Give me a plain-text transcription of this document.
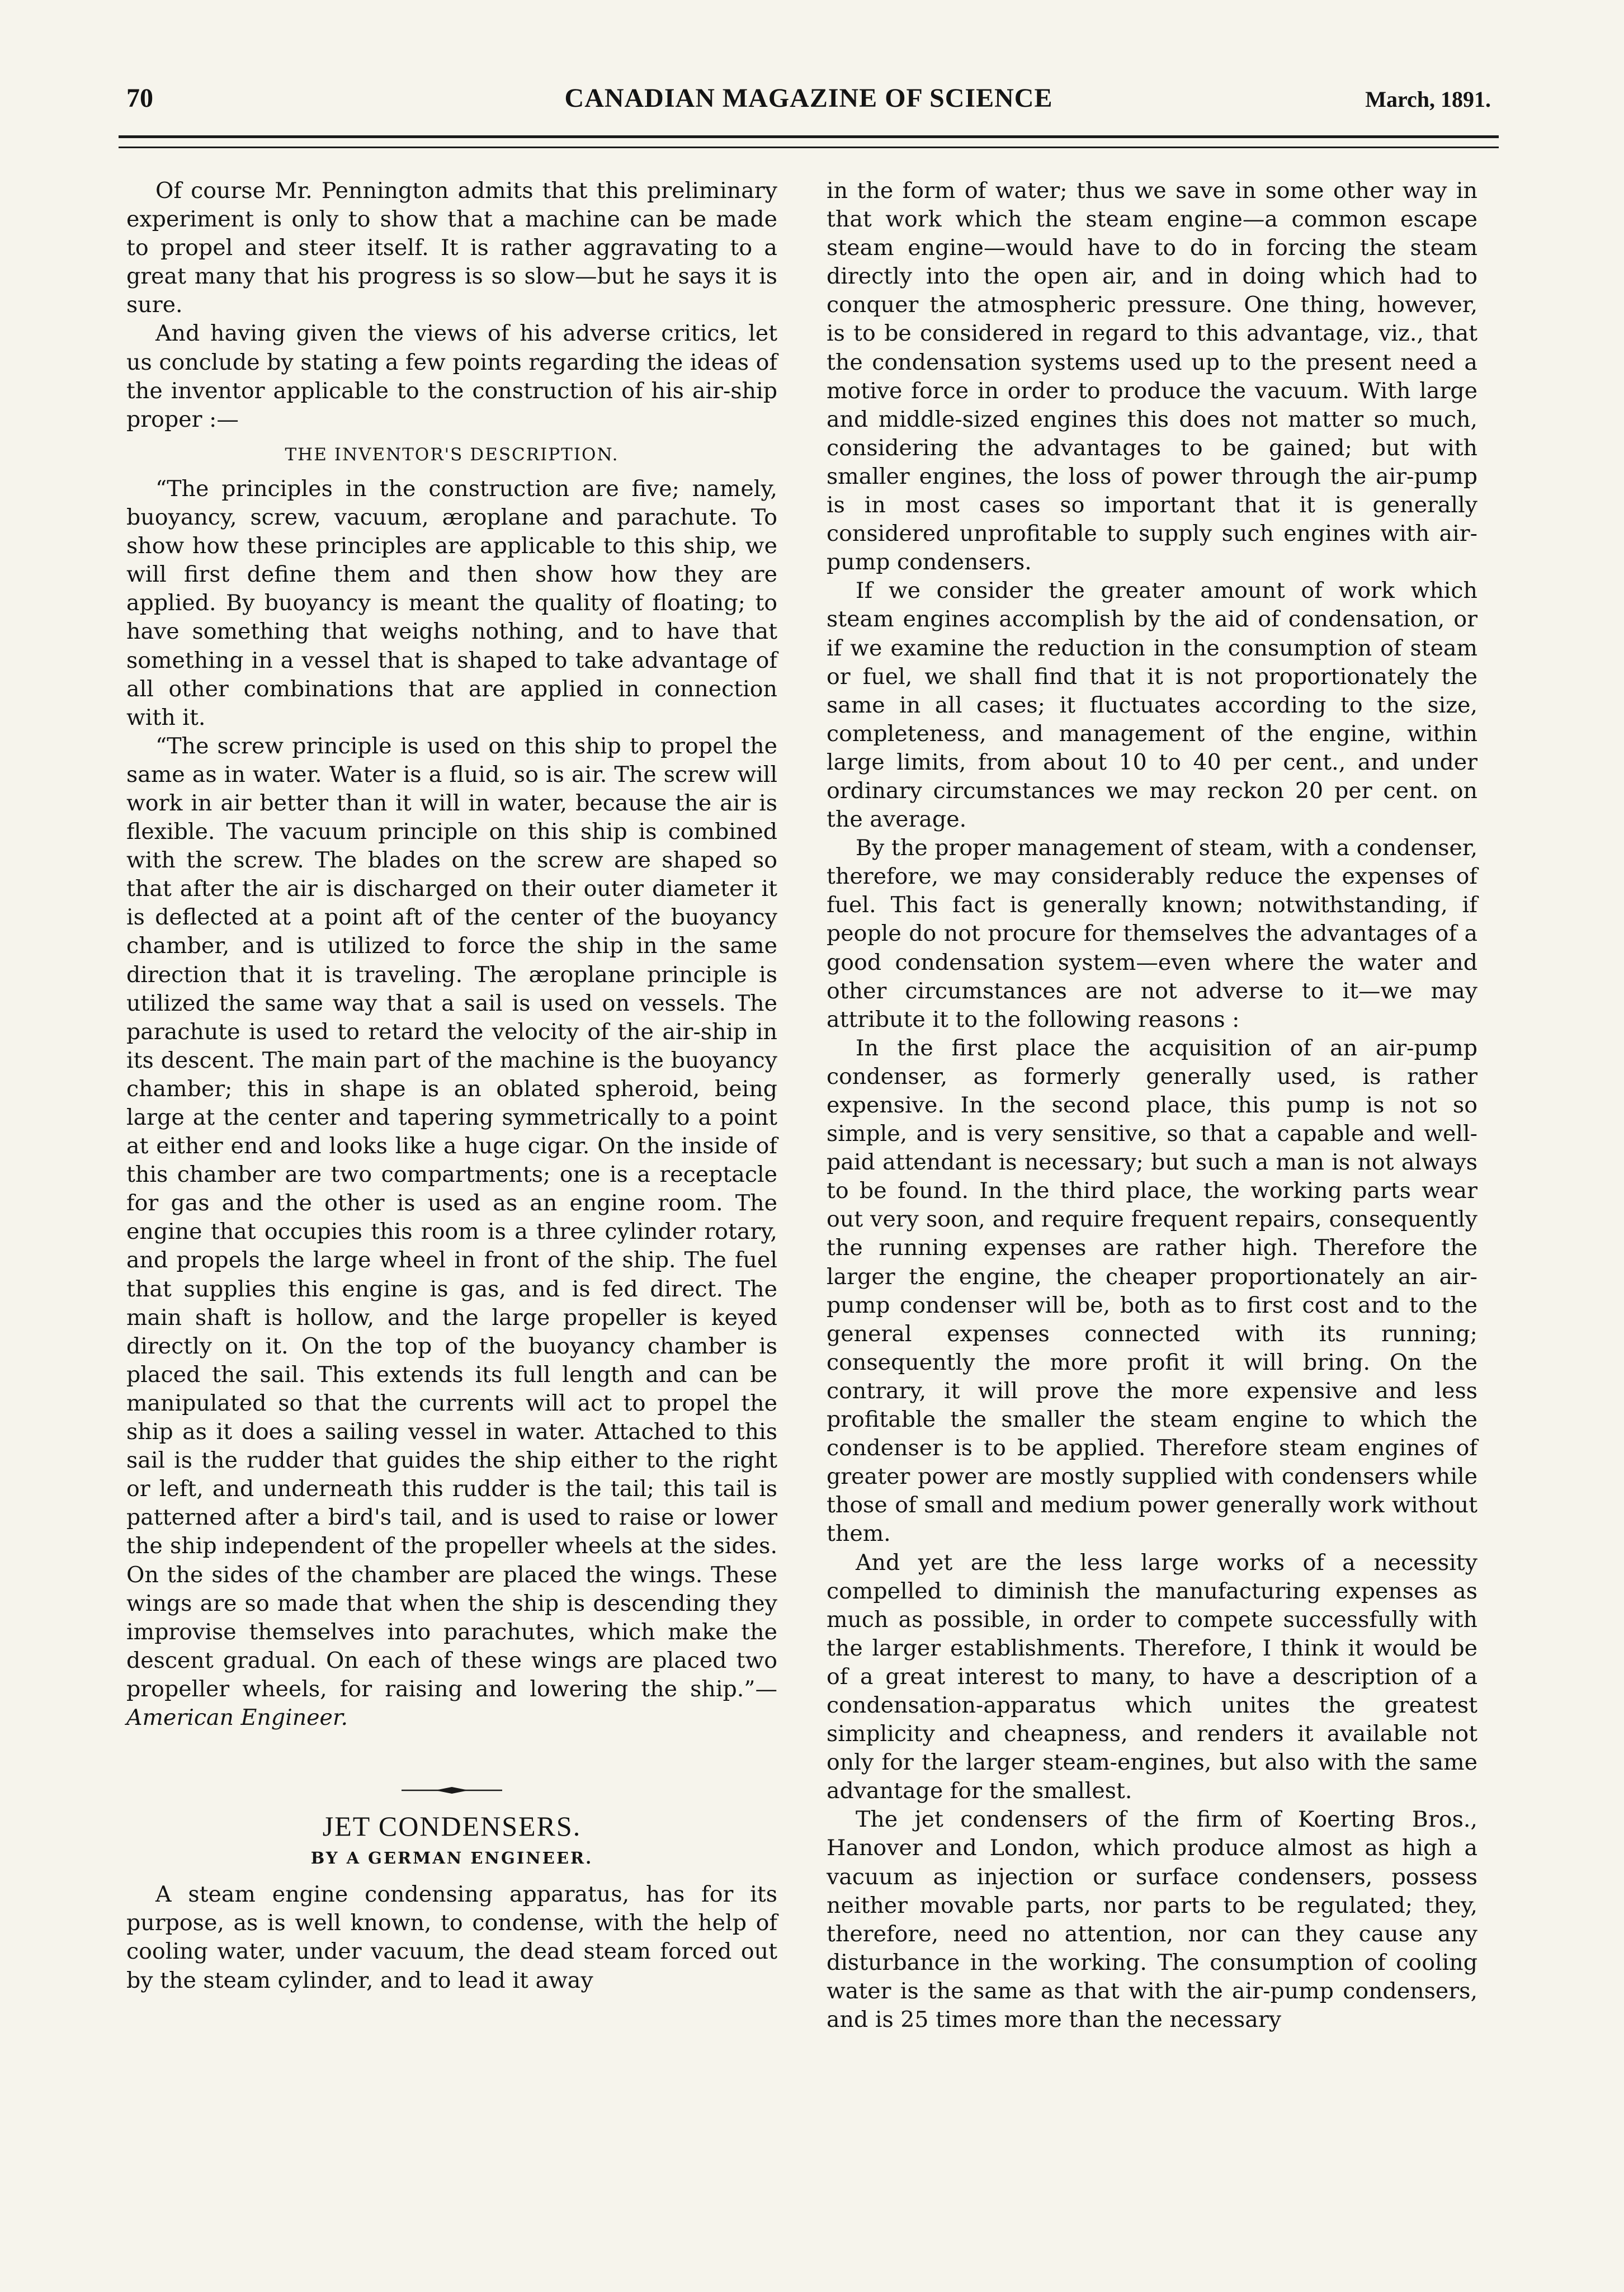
70	CANADIAN MAGAZINE OF SCIENCE	March, 1891.

Of course Mr. Pennington admits that this preliminary experiment is only to show that a machine can be made to propel and steer itself. It is rather aggravating to a great many that his progress is so slow—but he says it is sure.

And having given the views of his adverse critics, let us conclude by stating a few points regarding the ideas of the inventor applicable to the construction of his air-ship proper :—

THE INVENTOR'S DESCRIPTION.

“The principles in the construction are five; namely, buoyancy, screw, vacuum, æroplane and parachute. To show how these principles are applicable to this ship, we will first define them and then show how they are applied. By buoyancy is meant the quality of floating; to have something that weighs nothing, and to have that something in a vessel that is shaped to take advantage of all other combinations that are applied in connection with it.

“The screw principle is used on this ship to propel the same as in water. Water is a fluid, so is air. The screw will work in air better than it will in water, because the air is flexible. The vacuum principle on this ship is combined with the screw. The blades on the screw are shaped so that after the air is discharged on their outer diameter it is deflected at a point aft of the center of the buoyancy chamber, and is utilized to force the ship in the same direction that it is traveling. The æroplane principle is utilized the same way that a sail is used on vessels. The parachute is used to retard the velocity of the air-ship in its descent. The main part of the machine is the buoyancy chamber; this in shape is an oblated spheroid, being large at the center and tapering symmetrically to a point at either end and looks like a huge cigar. On the inside of this chamber are two compartments; one is a receptacle for gas and the other is used as an engine room. The engine that occupies this room is a three cylinder rotary, and propels the large wheel in front of the ship. The fuel that supplies this engine is gas, and is fed direct. The main shaft is hollow, and the large propeller is keyed directly on it. On the top of the buoyancy chamber is placed the sail. This extends its full length and can be manipulated so that the currents will act to propel the ship as it does a sailing vessel in water. Attached to this sail is the rudder that guides the ship either to the right or left, and underneath this rudder is the tail; this tail is patterned after a bird's tail, and is used to raise or lower the ship independent of the propeller wheels at the sides. On the sides of the chamber are placed the wings. These wings are so made that when the ship is descending they improvise themselves into parachutes, which make the descent gradual. On each of these wings are placed two propeller wheels, for raising and lowering the ship.”—American Engineer.

JET CONDENSERS.

BY A GERMAN ENGINEER.

A steam engine condensing apparatus, has for its purpose, as is well known, to condense, with the help of cooling water, under vacuum, the dead steam forced out by the steam cylinder, and to lead it away

in the form of water; thus we save in some other way in that work which the steam engine—a common escape steam engine—would have to do in forcing the steam directly into the open air, and in doing which had to conquer the atmospheric pressure. One thing, however, is to be considered in regard to this advantage, viz., that the condensation systems used up to the present need a motive force in order to produce the vacuum. With large and middle-sized engines this does not matter so much, considering the advantages to be gained; but with smaller engines, the loss of power through the air-pump is in most cases so important that it is generally considered unprofitable to supply such engines with air-pump condensers.

If we consider the greater amount of work which steam engines accomplish by the aid of condensation, or if we examine the reduction in the consumption of steam or fuel, we shall find that it is not proportionately the same in all cases; it fluctuates according to the size, completeness, and management of the engine, within large limits, from about 10 to 40 per cent., and under ordinary circumstances we may reckon 20 per cent. on the average.

By the proper management of steam, with a condenser, therefore, we may considerably reduce the expenses of fuel. This fact is generally known; notwithstanding, if people do not procure for themselves the advantages of a good condensation system—even where the water and other circumstances are not adverse to it—we may attribute it to the following reasons :

In the first place the acquisition of an air-pump condenser, as formerly generally used, is rather expensive. In the second place, this pump is not so simple, and is very sensitive, so that a capable and well-paid attendant is necessary; but such a man is not always to be found. In the third place, the working parts wear out very soon, and require frequent repairs, consequently the running expenses are rather high. Therefore the larger the engine, the cheaper proportionately an air-pump condenser will be, both as to first cost and to the general expenses connected with its running; consequently the more profit it will bring. On the contrary, it will prove the more expensive and less profitable the smaller the steam engine to which the condenser is to be applied. Therefore steam engines of greater power are mostly supplied with condensers while those of small and medium power generally work without them.

And yet are the less large works of a necessity compelled to diminish the manufacturing expenses as much as possible, in order to compete successfully with the larger establishments. Therefore, I think it would be of a great interest to many, to have a description of a condensation-apparatus which unites the greatest simplicity and cheapness, and renders it available not only for the larger steam-engines, but also with the same advantage for the smallest.

The jet condensers of the firm of Koerting Bros., Hanover and London, which produce almost as high a vacuum as injection or surface condensers, possess neither movable parts, nor parts to be regulated; they, therefore, need no attention, nor can they cause any disturbance in the working. The consumption of cooling water is the same as that with the air-pump condensers, and is 25 times more than the necessary
